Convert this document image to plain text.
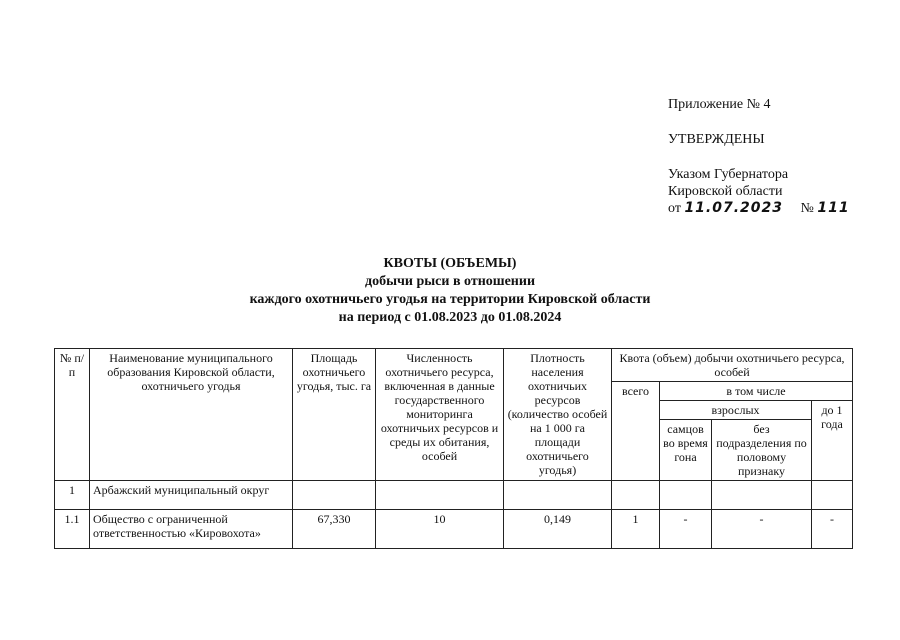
Приложение № 4
УТВЕРЖДЕНЫ
Указом Губернатора
Кировской области
от 11.07.2023 № 111
КВОТЫ (ОБЪЕМЫ)
добычи рыси в отношении
каждого охотничьего угодья на территории Кировской области
на период с 01.08.2023 до 01.08.2024
№ п/п	Наименование муниципального образования Кировской области, охотничьего угодья	Площадь охотничьего угодья, тыс. га	Численность охотничьего ресурса, включенная в данные государственного мониторинга охотничьих ресурсов и среды их обитания, особей	Плотность населения охотничьих ресурсов (количество особей на 1 000 га площади охотничьего угодья)	Квота (объем) добычи охотничьего ресурса, особей			
					всего	в том числе		
						взрослых		до 1 года
						самцов во время гона	без подразделения по половому признаку	
1	Арбажский муниципальный округ							
1.1	Общество с ограниченной ответственностью «Кировохота»	67,330	10	0,149	1	-	-	-
